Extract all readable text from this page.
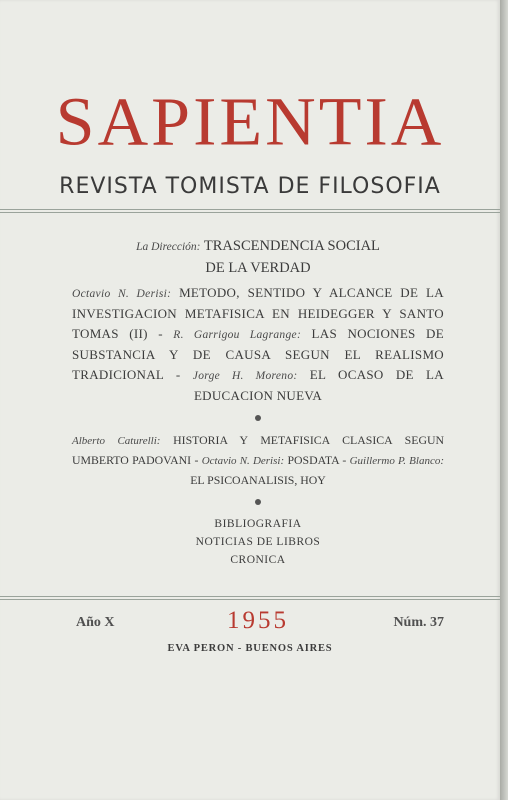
SAPIENTIA
REVISTA TOMISTA DE FILOSOFIA
La Dirección: TRASCENDENCIA SOCIAL
DE LA VERDAD
Octavio N. Derisi: METODO, SENTIDO Y ALCANCE DE LA INVESTIGACION METAFISICA EN HEIDEGGER Y SANTO TOMAS (II) - R. Garrigou Lagrange: LAS NOCIONES DE SUBSTANCIA Y DE CAUSA SEGUN EL REALISMO TRADICIONAL - Jorge H. Moreno: EL OCASO DE LA EDUCACION NUEVA
Alberto Caturelli: HISTORIA Y METAFISICA CLASICA SEGUN UMBERTO PADOVANI - Octavio N. Derisi: POSDATA - Guillermo P. Blanco: EL PSICOANALISIS, HOY
BIBLIOGRAFIA
NOTICIAS DE LIBROS
CRONICA
Año X	1955	Núm. 37
EVA PERON - BUENOS AIRES
